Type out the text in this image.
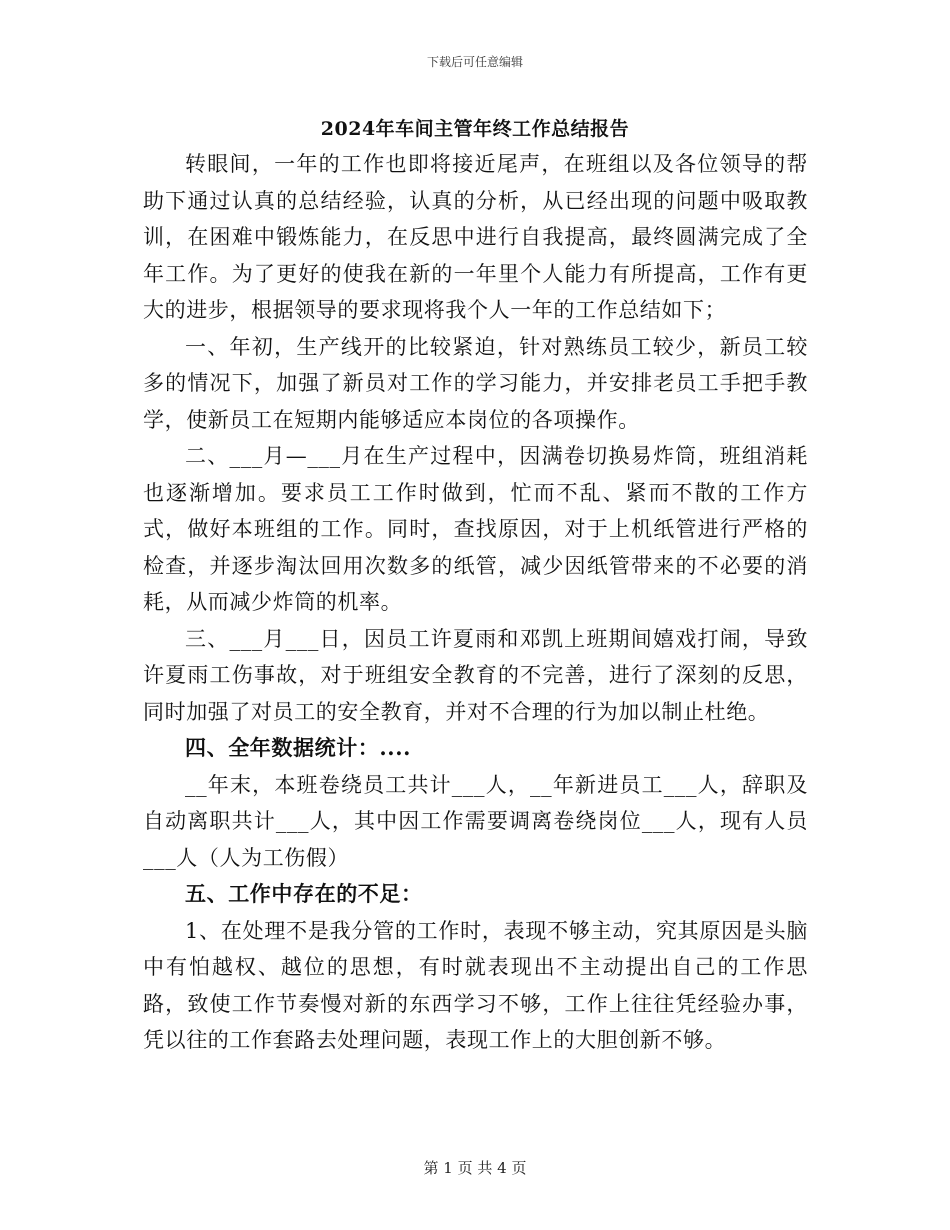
下载后可任意编辑
2024年车间主管年终工作总结报告

转眼间，一年的工作也即将接近尾声，在班组以及各位领导的帮助下通过认真的总结经验，认真的分析，从已经出现的问题中吸取教训，在困难中锻炼能力，在反思中进行自我提高，最终圆满完成了全年工作。为了更好的使我在新的一年里个人能力有所提高，工作有更大的进步，根据领导的要求现将我个人一年的工作总结如下；

一、年初，生产线开的比较紧迫，针对熟练员工较少，新员工较多的情况下，加强了新员对工作的学习能力，并安排老员工手把手教学，使新员工在短期内能够适应本岗位的各项操作。

二、___月—___月在生产过程中，因满卷切换易炸筒，班组消耗也逐渐增加。要求员工工作时做到，忙而不乱、紧而不散的工作方式，做好本班组的工作。同时，查找原因，对于上机纸管进行严格的检查，并逐步淘汰回用次数多的纸管，减少因纸管带来的不必要的消耗，从而减少炸筒的机率。

三、___月___日，因员工许夏雨和邓凯上班期间嬉戏打闹，导致许夏雨工伤事故，对于班组安全教育的不完善，进行了深刻的反思，同时加强了对员工的安全教育，并对不合理的行为加以制止杜绝。

四、全年数据统计：....

__年末，本班卷绕员工共计___人，__年新进员工___人，辞职及自动离职共计___人，其中因工作需要调离卷绕岗位___人，现有人员___人（人为工伤假）

五、工作中存在的不足：

1、在处理不是我分管的工作时，表现不够主动，究其原因是头脑中有怕越权、越位的思想，有时就表现出不主动提出自己的工作思路，致使工作节奏慢对新的东西学习不够，工作上往往凭经验办事，凭以往的工作套路去处理问题，表现工作上的大胆创新不够。

第 1 页 共 4 页
